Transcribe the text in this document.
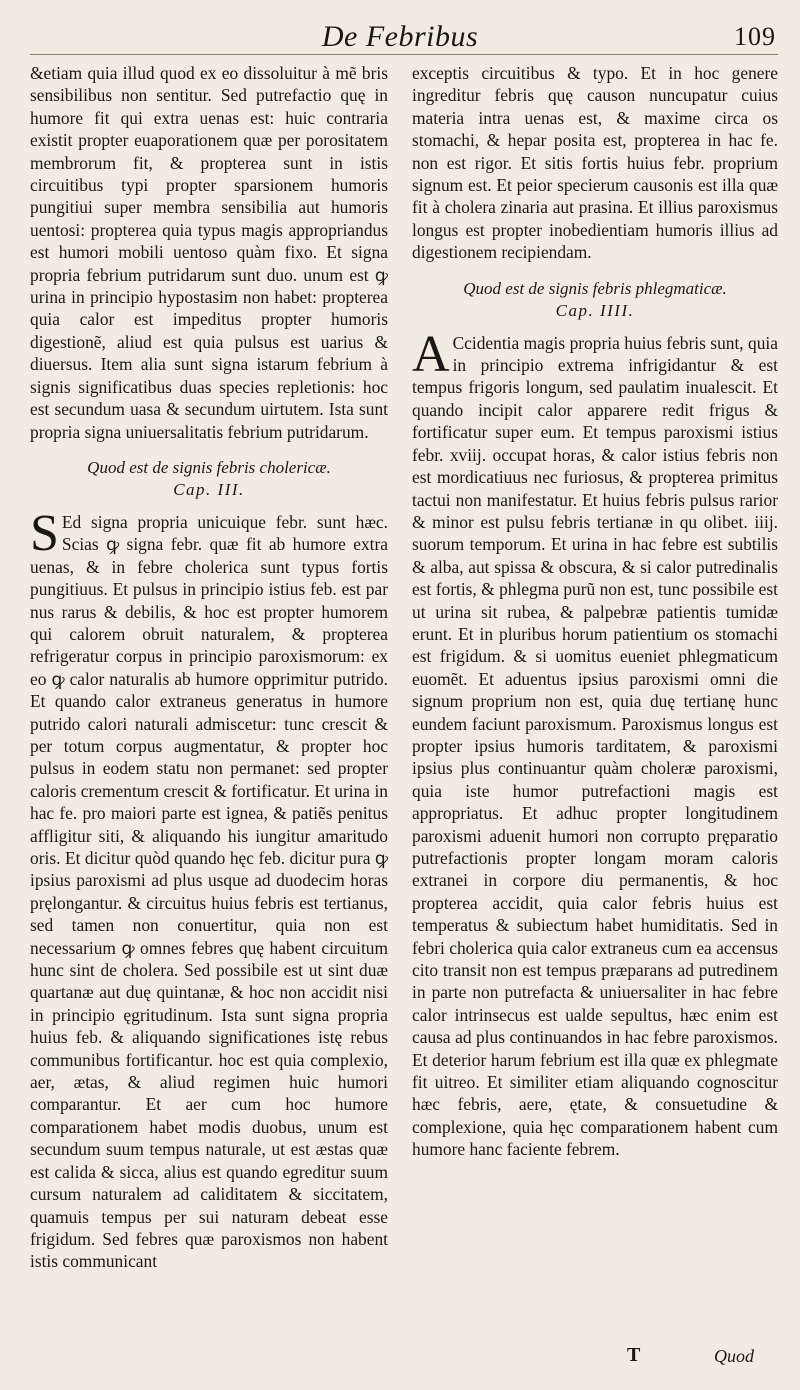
De Febribus	109

&etiam quia illud quod ex eo dissoluitur à mẽ bris sensibilibus non sentitur. Sed putrefactio quę in humore fit qui extra uenas est: huic contraria existit propter euaporationem quæ per porositatem membrorum fit, & propterea sunt in istis circuitibus typi propter sparsionem humoris pungitiui super membra sensibilia aut humoris uentosi: propterea quia typus magis appropriandus est humori mobili uentoso quàm fixo. Et signa propria febrium putridarum sunt duo. unum est ꝙ urina in principio hypostasim non habet: propterea quia calor est impeditus propter humoris digestionẽ, aliud est quia pulsus est uarius & diuersus. Item alia sunt signa istarum febrium à signis significatibus duas species repletionis: hoc est secundum uasa & secundum uirtutem. Ista sunt propria signa uniuersalitatis febrium putridarum.

Quod est de signis febris cholericæ.
Cap. III.

S Ed signa propria unicuique febr. sunt hæc. Scias ꝙ signa febr. quæ fit ab humore extra uenas, & in febre cholerica sunt typus fortis pungitiuus. Et pulsus in principio istius feb. est par nus rarus & debilis, & hoc est propter humorem qui calorem obruit naturalem, & propterea refrigeratur corpus in principio paroxismorum: ex eo ꝙ calor naturalis ab humore opprimitur putrido. Et quando calor extraneus generatus in humore putrido calori naturali admiscetur: tunc crescit & per totum corpus augmentatur, & propter hoc pulsus in eodem statu non permanet: sed propter caloris crementum crescit & fortificatur. Et urina in hac fe. pro maiori parte est ignea, & patiẽs penitus affligitur siti, & aliquando his iungitur amaritudo oris. Et dicitur quòd quando hęc feb. dicitur pura ꝙ ipsius paroxismi ad plus usque ad duodecim horas pręlongantur. & circuitus huius febris est tertianus, sed tamen non conuertitur, quia non est necessarium ꝙ omnes febres quę habent circuitum hunc sint de cholera. Sed possibile est ut sint duæ quartanæ aut duę quintanæ, & hoc non accidit nisi in principio ęgritudinum. Ista sunt signa propria huius feb. & aliquando significationes istę rebus communibus fortificantur. hoc est quia complexio, aer, ætas, & aliud regimen huic humori comparantur. Et aer cum hoc humore comparationem habet modis duobus, unum est secundum suum tempus naturale, ut est æstas quæ est calida & sicca, alius est quando egreditur suum cursum naturalem ad caliditatem & siccitatem, quamuis tempus per sui naturam debeat esse frigidum. Sed febres quæ paroxismos non habent istis communicant

exceptis circuitibus & typo. Et in hoc genere ingreditur febris quę causon nuncupatur cuius materia intra uenas est, & maxime circa os stomachi, & hepar posita est, propterea in hac fe. non est rigor. Et sitis fortis huius febr. proprium signum est. Et peior specierum causonis est illa quæ fit à cholera zinaria aut prasina. Et illius paroxismus longus est propter inobedientiam humoris illius ad digestionem recipiendam.

Quod est de signis febris phlegmaticæ.
Cap. IIII.

A Ccidentia magis propria huius febris sunt, quia in principio extrema infrigidantur & est tempus frigoris longum, sed paulatim inualescit. Et quando incipit calor apparere redit frigus & fortificatur super eum. Et tempus paroxismi istius febr. xviij. occupat horas, & calor istius febris non est mordicatiuus nec furiosus, & propterea primitus tactui non manifestatur. Et huius febris pulsus rarior & minor est pulsu febris tertianæ in qu olibet. iiij. suorum temporum. Et urina in hac febre est subtilis & alba, aut spissa & obscura, & si calor putredinalis est fortis, & phlegma purũ non est, tunc possibile est ut urina sit rubea, & palpebræ patientis tumidæ erunt. Et in pluribus horum patientium os stomachi est frigidum. & si uomitus eueniet phlegmaticum euomẽt. Et aduentus ipsius paroxismi omni die signum proprium non est, quia duę tertianę hunc eundem faciunt paroxismum. Paroxismus longus est propter ipsius humoris tarditatem, & paroxismi ipsius plus continuantur quàm choleræ paroxismi, quia iste humor putrefactioni magis est appropriatus. Et adhuc propter longitudinem paroxismi aduenit humori non corrupto pręparatio putrefactionis propter longam moram caloris extranei in corpore diu permanentis, & hoc propterea accidit, quia calor febris huius est temperatus & subiectum habet humiditatis. Sed in febri cholerica quia calor extraneus cum ea accensus cito transit non est tempus præparans ad putredinem in parte non putrefacta & uniuersaliter in hac febre calor intrinsecus est ualde sepultus, hæc enim est causa ad plus continuandos in hac febre paroxismos. Et deterior harum febrium est illa quæ ex phlegmate fit uitreo. Et similiter etiam aliquando cognoscitur hæc febris, aere, ętate, & consuetudine & complexione, quia hęc comparationem habent cum humore hanc faciente febrem.

T	Quod
